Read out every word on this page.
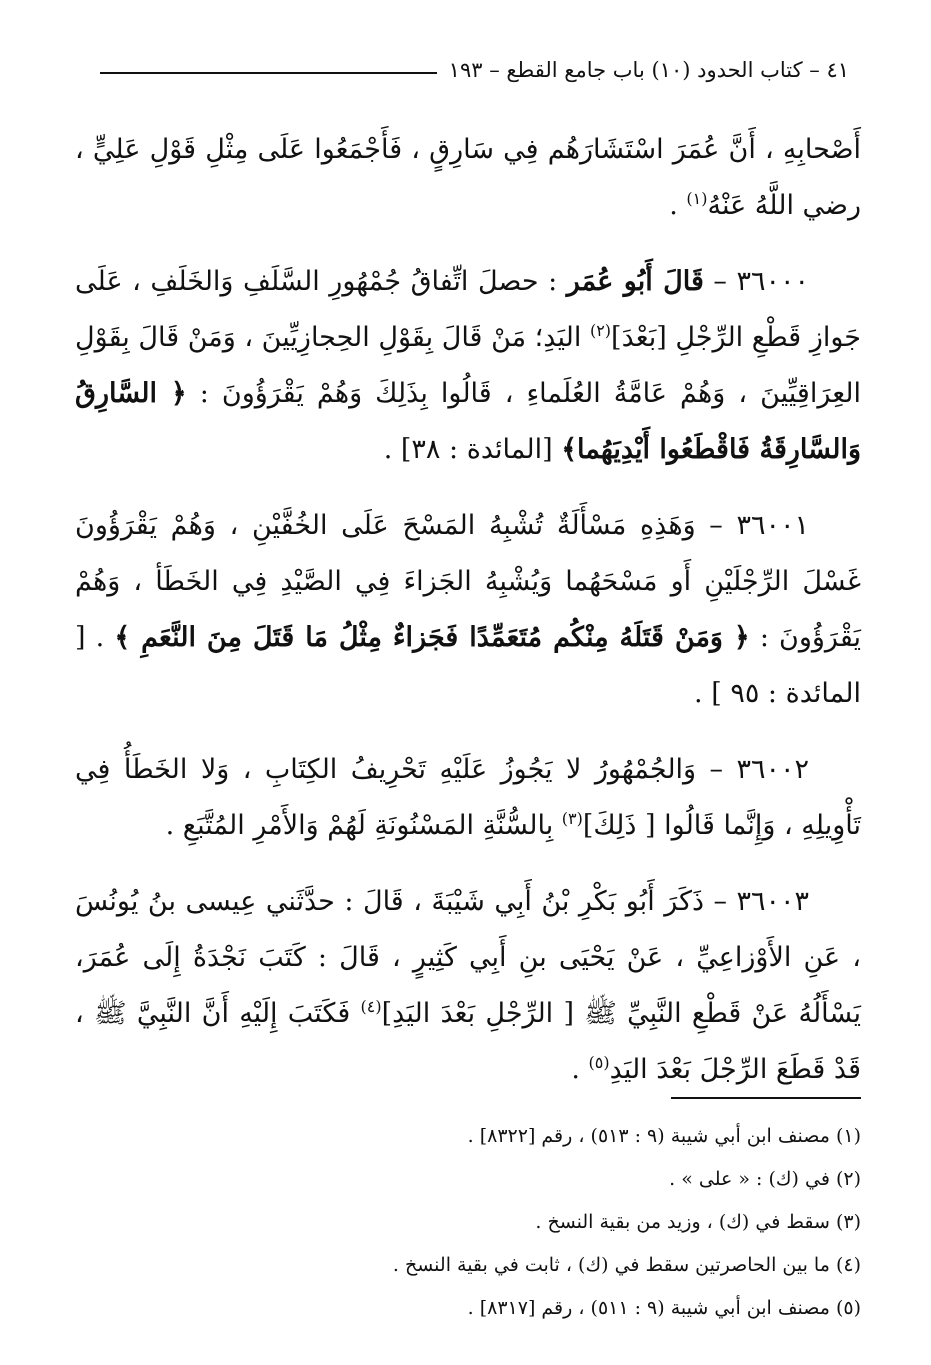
٤١ – كتاب الحدود (١٠) باب جامع القطع – ١٩٣

أَصْحابِهِ ، أَنَّ عُمَرَ اسْتَشَارَهُم فِي سَارِقٍ ، فَأَجْمَعُوا عَلَى مِثْلِ قَوْلِ عَلِيٍّ ، رضي اللَّهُ عَنْهُ$^{(١)}$ .

٣٦٠٠٠ – قَالَ أَبُو عُمَر : حصلَ اتِّفاقُ جُمْهُورِ السَّلَفِ وَالخَلَفِ ، عَلَى جَوازِ قَطْعِ الرِّجْلِ [بَعْدَ]$^{(٢)}$ اليَدِ؛ مَنْ قَالَ بِقَوْلِ الحِجازِيِّينَ ، وَمَنْ قَالَ بِقَوْلِ العِرَاقِيِّينَ ، وَهُمْ عَامَّةُ العُلَماءِ ، قَالُوا بِذَلِكَ وَهُمْ يَقْرَؤُونَ : ﴿ السَّارِقُ وَالسَّارِقَةُ فَاقْطَعُوا أَيْدِيَهُما﴾ [المائدة : ٣٨] .

٣٦٠٠١ – وَهَذِهِ مَسْأَلَةٌ تُشْبِهُ المَسْحَ عَلَى الخُفَّيْنِ ، وَهُمْ يَقْرَؤُونَ غَسْلَ الرِّجْلَيْنِ أَو مَسْحَهُما وَيُشْبِهُ الجَزاءَ فِي الصَّيْدِ فِي الخَطَأ ، وَهُمْ يَقْرَؤُونَ : ﴿ وَمَنْ قَتَلَهُ مِنْكُم مُتَعَمِّدًا فَجَزاءٌ مِثْلُ مَا قَتَلَ مِنَ النَّعَمِ ﴾ . [ المائدة : ٩٥ ] .

٣٦٠٠٢ – وَالجُمْهُورُ لا يَجُوزُ عَلَيْهِ تَحْرِيفُ الكِتَابِ ، وَلا الخَطَأُ فِي تَأْوِيلِهِ ، وَإِنَّما قَالُوا [ ذَلِكَ]$^{(٣)}$ بِالسُّنَّةِ المَسْنُونَةِ لَهُمْ وَالأَمْرِ المُتَّبَعِ .

٣٦٠٠٣ – ذَكَرَ أَبُو بَكْرِ بْنُ أَبِي شَيْبَةَ ، قَالَ : حدَّثَني عِيسى بنُ يُونُسَ ، عَنِ الأَوْزاعِيِّ ، عَنْ يَحْيَى بنِ أَبِي كَثِيرٍ ، قَالَ : كَتَبَ نَجْدَةُ إِلَى عُمَرَ، يَسْأَلُهُ عَنْ قَطْعِ النَّبِيِّ ﷺ [ الرِّجْلِ بَعْدَ اليَدِ]$^{(٤)}$ فَكَتَبَ إِلَيْهِ أَنَّ النَّبِيَّ ﷺ ، قَدْ قَطَعَ الرِّجْلَ بَعْدَ اليَدِ$^{(٥)}$ .

(١) مصنف ابن أبي شيبة (٩ : ٥١٣) ، رقم [٨٣٢٢] .
(٢) في (ك) : « على » .
(٣) سقط في (ك) ، وزيد من بقية النسخ .
(٤) ما بين الحاصرتين سقط في (ك) ، ثابت في بقية النسخ .
(٥) مصنف ابن أبي شيبة (٩ : ٥١١) ، رقم [٨٣١٧] .
